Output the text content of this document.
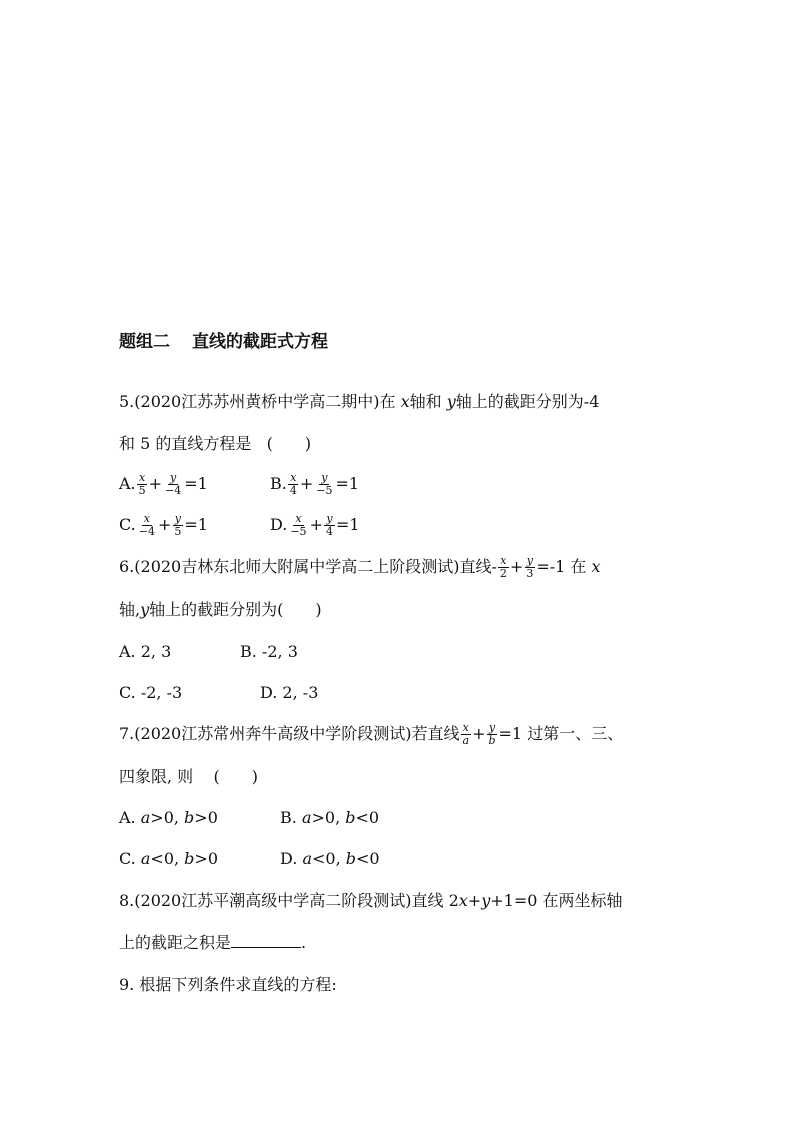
题组二 直线的截距式方程
5.(2020江苏苏州黄桥中学高二期中)在 x轴和 y轴上的截距分别为-4
和 5 的直线方程是 (　　)
A. $\frac{x}{5} + \frac{y}{-4} =1$	B. $\frac{x}{4} + \frac{y}{-5} =1$
C. $\frac{x}{-4} + \frac{y}{5} =1$	D. $\frac{x}{-5} + \frac{y}{4} =1$
6.(2020吉林东北师大附属中学高二上阶段测试)直线- $\frac{x}{2} + \frac{y}{3} =-1$ 在 x
轴,y轴上的截距分别为(　　)
A. 2, 3	B. -2, 3
C. -2, -3	D. 2, -3
7.(2020江苏常州奔牛高级中学阶段测试)若直线 $\frac{x}{a} + \frac{y}{b} =1$ 过第一、三、
四象限, 则 (　　)
A. a>0, b>0	B. a>0, b<0
C. a<0, b>0	D. a<0, b<0
8.(2020江苏平潮高级中学高二阶段测试)直线 2x+y+1=0 在两坐标轴
上的截距之积是	.
9. 根据下列条件求直线的方程:
